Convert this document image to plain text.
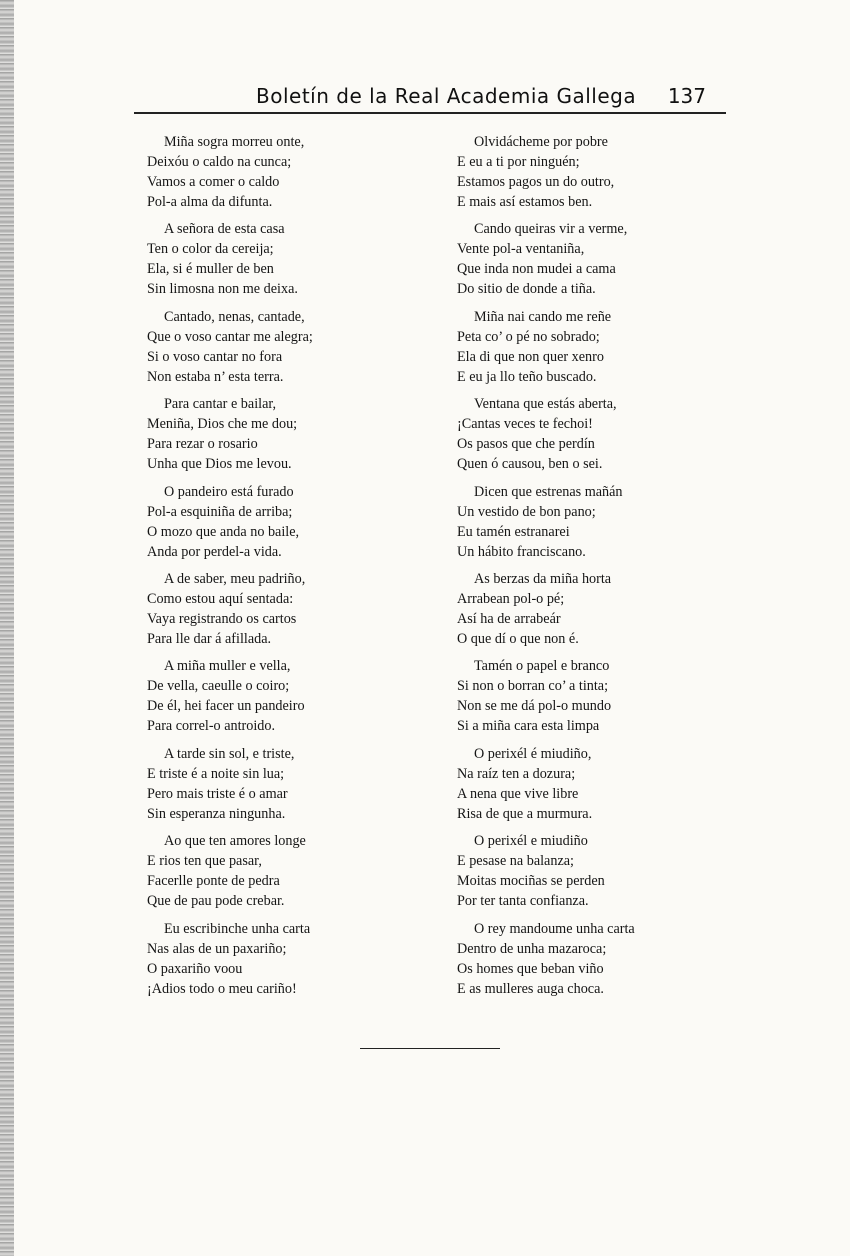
Boletín de la Real Academia Gallega 137
Miña sogra morreu onte,
Deixóu o caldo na cunca;
Vamos a comer o caldo
Pol-a alma da difunta.
A señora de esta casa
Ten o color da cereija;
Ela, si é muller de ben
Sin limosna non me deixa.
Cantado, nenas, cantade,
Que o voso cantar me alegra;
Si o voso cantar no fora
Non estaba n’ esta terra.
Para cantar e bailar,
Meniña, Dios che me dou;
Para rezar o rosario
Unha que Dios me levou.
O pandeiro está furado
Pol-a esquiniña de arriba;
O mozo que anda no baile,
Anda por perdel-a vida.
A de saber, meu padriño,
Como estou aquí sentada:
Vaya registrando os cartos
Para lle dar á afillada.
A miña muller e vella,
De vella, caeulle o coiro;
De él, hei facer un pandeiro
Para correl-o antroido.
A tarde sin sol, e triste,
E triste é a noite sin lua;
Pero mais triste é o amar
Sin esperanza ningunha.
Ao que ten amores longe
E rios ten que pasar,
Facerlle ponte de pedra
Que de pau pode crebar.
Eu escribinche unha carta
Nas alas de un paxariño;
O paxariño voou
¡Adios todo o meu cariño!
Olvidácheme por pobre
E eu a ti por ninguén;
Estamos pagos un do outro,
E mais así estamos ben.
Cando queiras vir a verme,
Vente pol-a ventaniña,
Que inda non mudei a cama
Do sitio de donde a tiña.
Miña nai cando me reñe
Peta co’ o pé no sobrado;
Ela di que non quer xenro
E eu ja llo teño buscado.
Ventana que estás aberta,
¡Cantas veces te fechoi!
Os pasos que che perdín
Quen ó causou, ben o sei.
Dicen que estrenas mañán
Un vestido de bon pano;
Eu tamén estranarei
Un hábito franciscano.
As berzas da miña horta
Arrabean pol-o pé;
Así ha de arrabeár
O que dí o que non é.
Tamén o papel e branco
Si non o borran co’ a tinta;
Non se me dá pol-o mundo
Si a miña cara esta limpa
O perixél é miudiño,
Na raíz ten a dozura;
A nena que vive libre
Risa de que a murmura.
O perixél e miudiño
E pesase na balanza;
Moitas mociñas se perden
Por ter tanta confianza.
O rey mandoume unha carta
Dentro de unha mazaroca;
Os homes que beban viño
E as mulleres auga choca.
